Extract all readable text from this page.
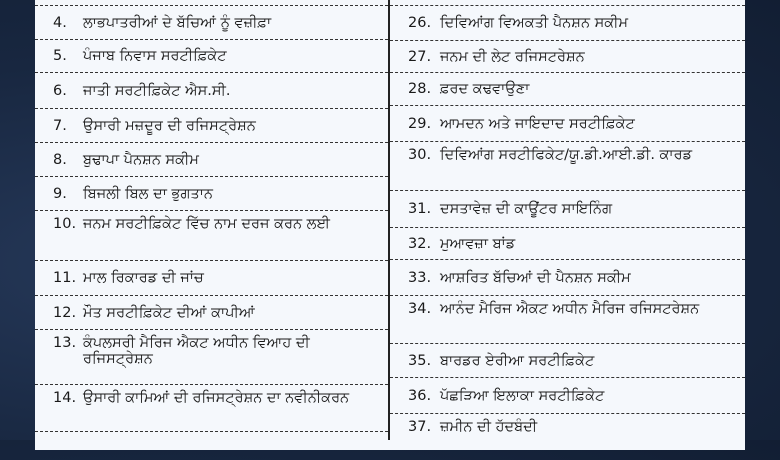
4.	ਲਾਭਪਾਤਰੀਆਂ ਦੇ ਬੱਚਿਆਂ ਨੂੰ ਵਜ਼ੀਫ਼ਾ
5.	ਪੰਜਾਬ ਨਿਵਾਸ ਸਰਟੀਫ਼ਿਕੇਟ
6.	ਜਾਤੀ ਸਰਟੀਫ਼ਿਕੇਟ ਐਸ.ਸੀ.
7.	ਉਸਾਰੀ ਮਜ਼ਦੂਰ ਦੀ ਰਜਿਸਟ੍ਰੇਸ਼ਨ
8.	ਬੁਢਾਪਾ ਪੈਨਸ਼ਨ ਸਕੀਮ
9.	ਬਿਜਲੀ ਬਿਲ ਦਾ ਭੁਗਤਾਨ
10. ਜਨਮ ਸਰਟੀਫ਼ਿਕੇਟ ਵਿੱਚ ਨਾਮ ਦਰਜ ਕਰਨ ਲਈ
11. ਮਾਲ ਰਿਕਾਰਡ ਦੀ ਜਾਂਚ
12. ਮੌਤ ਸਰਟੀਫ਼ਿਕੇਟ ਦੀਆਂ ਕਾਪੀਆਂ
13. ਕੰਪਲਸਰੀ ਮੈਰਿਜ ਐਕਟ ਅਧੀਨ ਵਿਆਹ ਦੀ ਰਜਿਸਟ੍ਰੇਸ਼ਨ
14. ਉਸਾਰੀ ਕਾਮਿਆਂ ਦੀ ਰਜਿਸਟ੍ਰੇਸ਼ਨ ਦਾ ਨਵੀਨੀਕਰਨ
26. ਦਿਵਿਆਂਗ ਵਿਅਕਤੀ ਪੈਨਸ਼ਨ ਸਕੀਮ
27. ਜਨਮ ਦੀ ਲੇਟ ਰਜਿਸਟਰੇਸ਼ਨ
28. ਫ਼ਰਦ ਕਢਵਾਉਣਾ
29. ਆਮਦਨ ਅਤੇ ਜਾਇਦਾਦ ਸਰਟੀਫ਼ਿਕੇਟ
30. ਦਿਵਿਆਂਗ ਸਰਟੀਫਿਕੇਟ/ਯੂ.ਡੀ.ਆਈ.ਡੀ. ਕਾਰਡ
31. ਦਸਤਾਵੇਜ਼ ਦੀ ਕਾਊਂਟਰ ਸਾਇਨਿੰਗ
32. ਮੁਆਵਜ਼ਾ ਬਾਂਡ
33. ਆਸ਼ਰਿਤ ਬੱਚਿਆਂ ਦੀ ਪੈਨਸ਼ਨ ਸਕੀਮ
34. ਆਨੰਦ ਮੈਰਿਜ ਐਕਟ ਅਧੀਨ ਮੈਰਿਜ ਰਜਿਸਟਰੇਸ਼ਨ
35. ਬਾਰਡਰ ਏਰੀਆ ਸਰਟੀਫ਼ਿਕੇਟ
36. ਪੱਛੜਿਆ ਇਲਾਕਾ ਸਰਟੀਫ਼ਿਕੇਟ
37. ਜ਼ਮੀਨ ਦੀ ਹੱਦਬੰਦੀ
